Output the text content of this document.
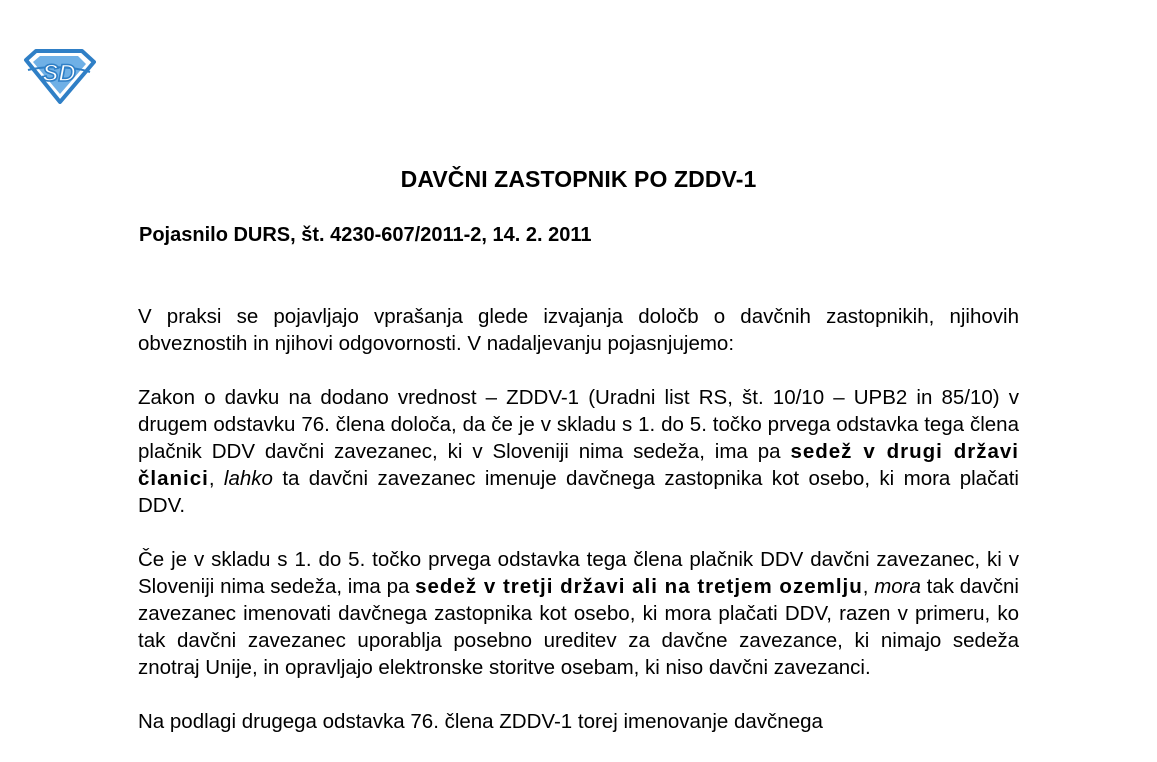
SD
DAVČNI ZASTOPNIK PO ZDDV-1
Pojasnilo DURS, št. 4230-607/2011-2, 14. 2. 2011

V praksi se pojavljajo vprašanja glede izvajanja določb o davčnih zastopnikih, njihovih obveznostih in njihovi odgovornosti. V nadaljevanju pojasnjujemo:

Zakon o davku na dodano vrednost – ZDDV-1 (Uradni list RS, št. 10/10 – UPB2 in 85/10) v drugem odstavku 76. člena določa, da če je v skladu s 1. do 5. točko prvega odstavka tega člena plačnik DDV davčni zavezanec, ki v Sloveniji nima sedeža, ima pa sedež v drugi državi članici, lahko ta davčni zavezanec imenuje davčnega zastopnika kot osebo, ki mora plačati DDV.

Če je v skladu s 1. do 5. točko prvega odstavka tega člena plačnik DDV davčni zavezanec, ki v Sloveniji nima sedeža, ima pa sedež v tretji državi ali na tretjem ozemlju, mora tak davčni zavezanec imenovati davčnega zastopnika kot osebo, ki mora plačati DDV, razen v primeru, ko tak davčni zavezanec uporablja posebno ureditev za davčne zavezance, ki nimajo sedeža znotraj Unije, in opravljajo elektronske storitve osebam, ki niso davčni zavezanci.

Na podlagi drugega odstavka 76. člena ZDDV-1 torej imenovanje davčnega
